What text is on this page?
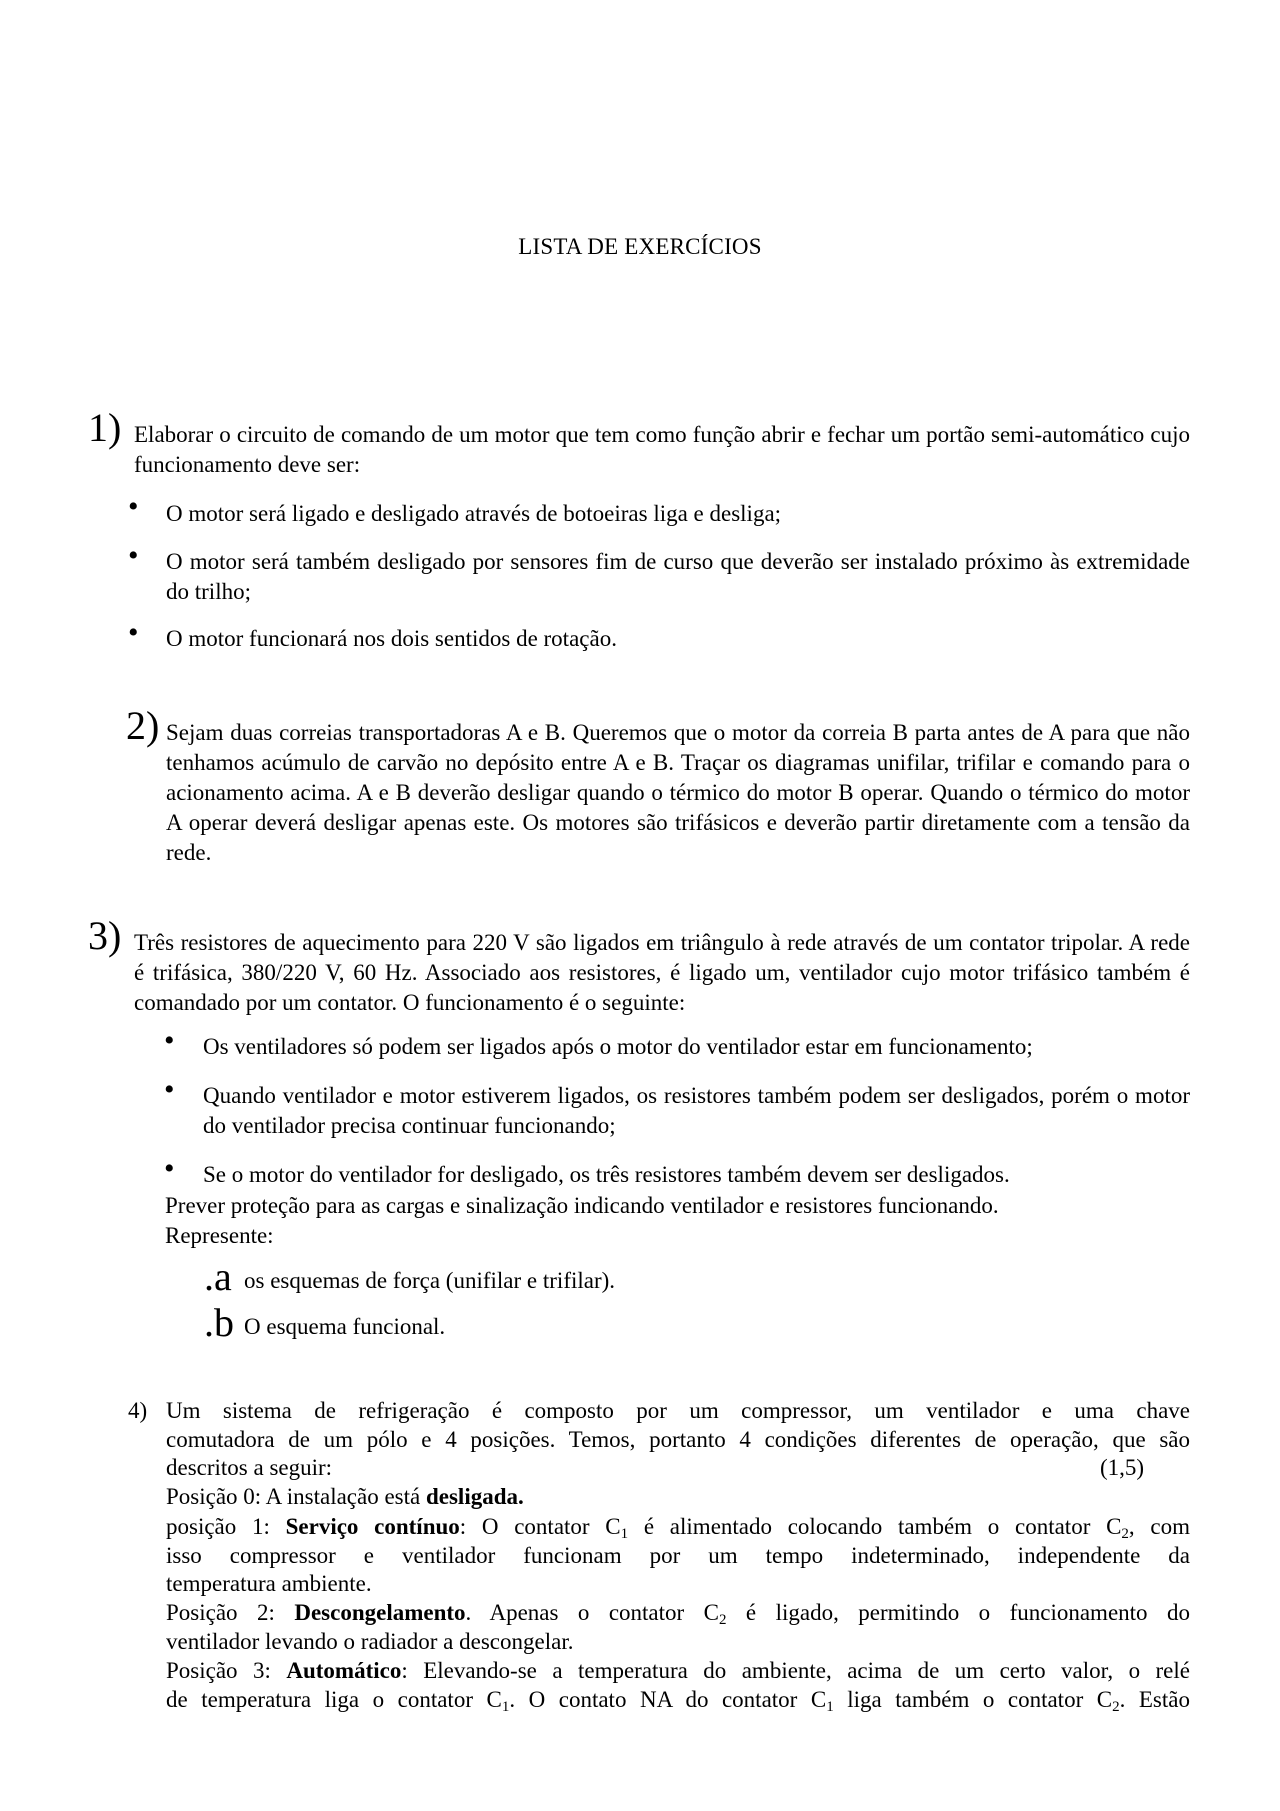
LISTA DE EXERCÍCIOS
1) Elaborar o circuito de comando de um motor que tem como função abrir e fechar um portão semi-automático cujo funcionamento deve ser:
• O motor será ligado e desligado através de botoeiras liga e desliga;
• O motor será também desligado por sensores fim de curso que deverão ser instalado próximo às extremidade do trilho;
• O motor funcionará nos dois sentidos de rotação.
2) Sejam duas correias transportadoras A e B. Queremos que o motor da correia B parta antes de A para que não tenhamos acúmulo de carvão no depósito entre A e B. Traçar os diagramas unifilar, trifilar e comando para o acionamento acima. A e B deverão desligar quando o térmico do motor B operar. Quando o térmico do motor A operar deverá desligar apenas este. Os motores são trifásicos e deverão partir diretamente com a tensão da rede.
3) Três resistores de aquecimento para 220 V são ligados em triângulo à rede através de um contator tripolar. A rede é trifásica, 380/220 V, 60 Hz. Associado aos resistores, é ligado um, ventilador cujo motor trifásico também é comandado por um contator. O funcionamento é o seguinte:
• Os ventiladores só podem ser ligados após o motor do ventilador estar em funcionamento;
• Quando ventilador e motor estiverem ligados, os resistores também podem ser desligados, porém o motor do ventilador precisa continuar funcionando;
• Se o motor do ventilador for desligado, os três resistores também devem ser desligados.
Prever proteção para as cargas e sinalização indicando ventilador e resistores funcionando.
Represente:
.a os esquemas de força (unifilar e trifilar).
.b O esquema funcional.
4) Um sistema de refrigeração é composto por um compressor, um ventilador e uma chave
comutadora de um pólo e 4 posições. Temos, portanto 4 condições diferentes de operação, que são
descritos a seguir:	(1,5)
Posição 0: A instalação está desligada.
posição 1: Serviço contínuo: O contator $C_1$ é alimentado colocando também o contator $C_2$, com
isso compressor e ventilador funcionam por um tempo indeterminado, independente da
temperatura ambiente.
Posição 2: Descongelamento. Apenas o contator $C_2$ é ligado, permitindo o funcionamento do
ventilador levando o radiador a descongelar.
Posição 3: Automático: Elevando-se a temperatura do ambiente, acima de um certo valor, o relé
de temperatura liga o contator $C_1$. O contato NA do contator $C_1$ liga também o contator $C_2$. Estão
